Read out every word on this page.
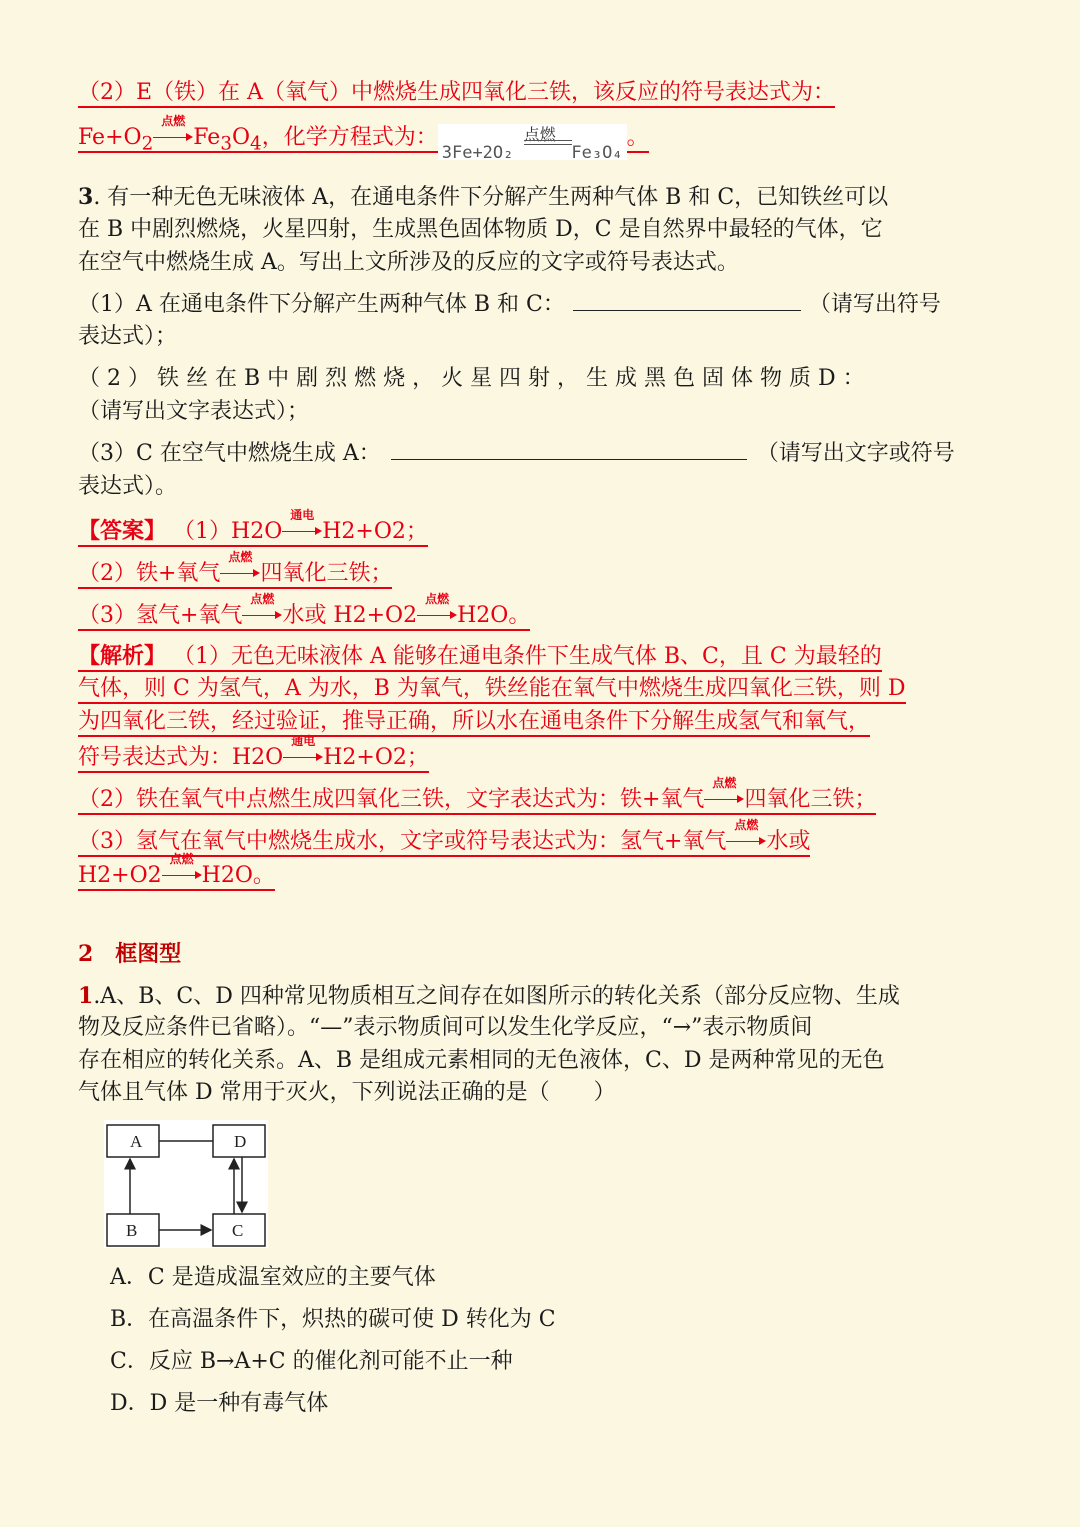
（2）E（铁）在 A（氧气）中燃烧生成四氧化三铁，该反应的符号表达式为：
$Fe+O_2$
点燃
$Fe_3O_4$，化学方程式为：3Fe+2O₂
点燃
Fe₃O₄。
3. 有一种无色无味液体 A，在通电条件下分解产生两种气体 B 和 C，已知铁丝可以
在 B 中剧烈燃烧，火星四射，生成黑色固体物质 D，C 是自然界中最轻的气体，它
在空气中燃烧生成 A。写出上文所涉及的反应的文字或符号表达式。
（1）A 在通电条件下分解产生两种气体 B 和 C：	（请写出符号
表达式）；
（ 2 ） 铁 丝 在 B 中 剧 烈 燃 烧 ， 火 星 四 射 ， 生 成 黑 色 固 体 物 质 D ：
（请写出文字表达式）；
（3）C 在空气中燃烧生成 A：	（请写出文字或符号
表达式）。
【答案】 （1）H2O
通电
H2+O2；
（2）铁+氧气
点燃
四氧化三铁；
（3）氢气+氧气
点燃
水或 H2+O2
点燃
H2O。
【解析】 （1）无色无味液体 A 能够在通电条件下生成气体 B、C，且 C 为最轻的
气体，则 C 为氢气，A 为水，B 为氧气，铁丝能在氧气中燃烧生成四氧化三铁，则 D
为四氧化三铁，经过验证，推导正确，所以水在通电条件下分解生成氢气和氧气，
符号表达式为：H2O
通电
H2+O2；
（2）铁在氧气中点燃生成四氧化三铁，文字表达式为：铁+氧气
点燃
四氧化三铁；
（3）氢气在氧气中燃烧生成水，文字或符号表达式为：氢气+氧气
点燃
水或
H2+O2
点燃
H2O。
2　框图型
1.A、B、C、D 四种常见物质相互之间存在如图所示的转化关系（部分反应物、生成
物及反应条件已省略）。“—”表示物质间可以发生化学反应，“→”表示物质间
存在相应的转化关系。A、B 是组成元素相同的无色液体，C、D 是两种常见的无色
气体且气体 D 常用于灭火，下列说法正确的是（　　）
A	D
B	C
A．C 是造成温室效应的主要气体
B．在高温条件下，炽热的碳可使 D 转化为 C
C．反应 B→A+C 的催化剂可能不止一种
D．D 是一种有毒气体
